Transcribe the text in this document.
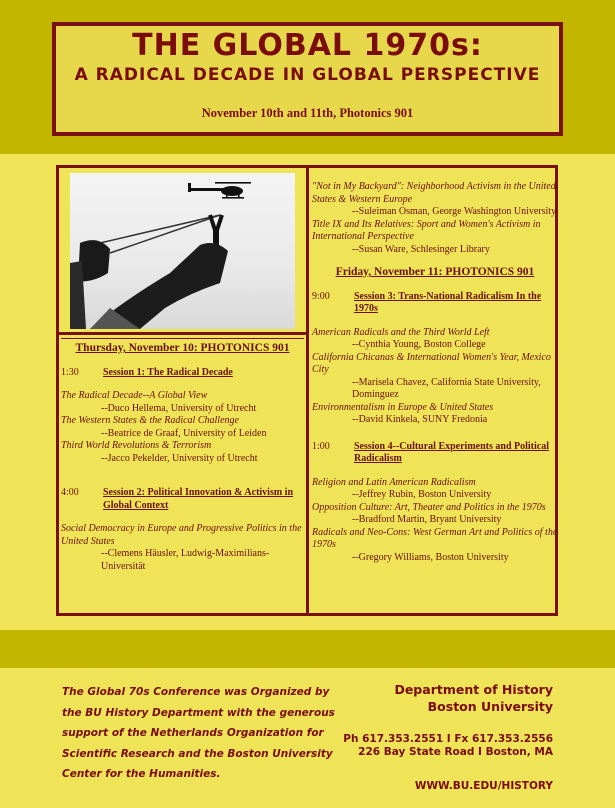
THE GLOBAL 1970s:
A RADICAL DECADE IN GLOBAL PERSPECTIVE
November 10th and 11th, Photonics 901
Thursday, November 10: PHOTONICS 901
1:30	Session 1: The Radical Decade
The Radical Decade--A Global View
--Duco Hellema, University of Utrecht
The Western States & the Radical Challenge
--Beatrice de Graaf, University of Leiden
Third World Revolutions & Terrorism
--Jacco Pekelder, University of Utrecht
4:00	Session 2: Political Innovation & Activism in Global Context
Social Democracy in Europe and Progressive Politics in the United States
--Clemens Häusler, Ludwig-Maximilians-Universität
"Not in My Backyard": Neighborhood Activism in the United States & Western Europe
--Suleiman Osman, George Washington University
Title IX and Its Relatives: Sport and Women's Activism in International Perspective
--Susan Ware, Schlesinger Library
Friday, November 11: PHOTONICS 901
9:00	Session 3: Trans-National Radicalism In the 1970s
American Radicals and the Third World Left
--Cynthia Young, Boston College
California Chicanas & International Women's Year, Mexico City
--Marisela Chavez, California State University, Dominguez
Environmentalism in Europe & United States
--David Kinkela, SUNY Fredonia
1:00	Session 4--Cultural Experiments and Political Radicalism
Religion and Latin American Radicalism
--Jeffrey Rubin, Boston University
Opposition Culture: Art, Theater and Politics in the 1970s
--Bradford Martin, Bryant University
Radicals and Neo-Cons: West German Art and Politics of the 1970s
--Gregory Williams, Boston University
The Global 70s Conference was Organized by the BU History Department with the generous support of the Netherlands Organization for Scientific Research and the Boston University Center for the Humanities.
Department of History
Boston University
Ph 617.353.2551 I Fx 617.353.2556
226 Bay State Road I Boston, MA
WWW.BU.EDU/HISTORY
